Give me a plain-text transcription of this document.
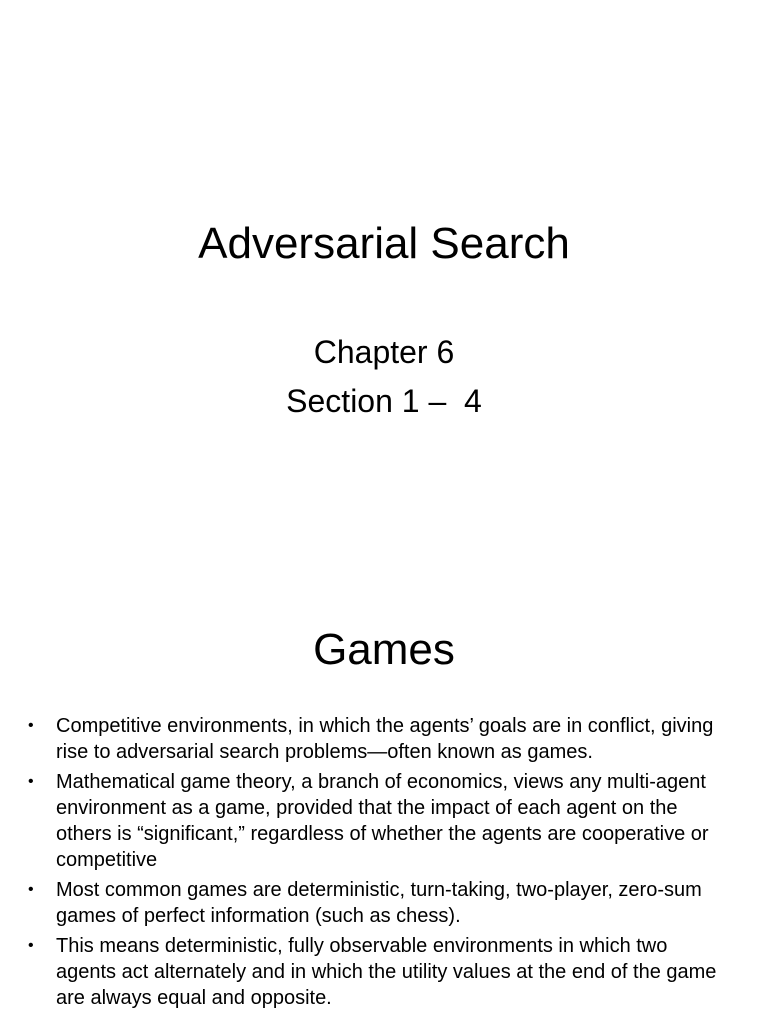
Adversarial Search
Chapter 6
Section 1 –  4
Games
• Competitive environments, in which the agents’ goals are in conflict, giving rise to adversarial search problems—often known as games.
• Mathematical game theory, a branch of economics, views any multi-agent environment as a game, provided that the impact of each agent on the others is “significant,” regardless of whether the agents are cooperative or competitive
• Most common games are deterministic, turn-taking, two-player, zero-sum games of perfect information (such as chess).
• This means deterministic, fully observable environments in which two agents act alternately and in which the utility values at the end of the game are always equal and opposite.
